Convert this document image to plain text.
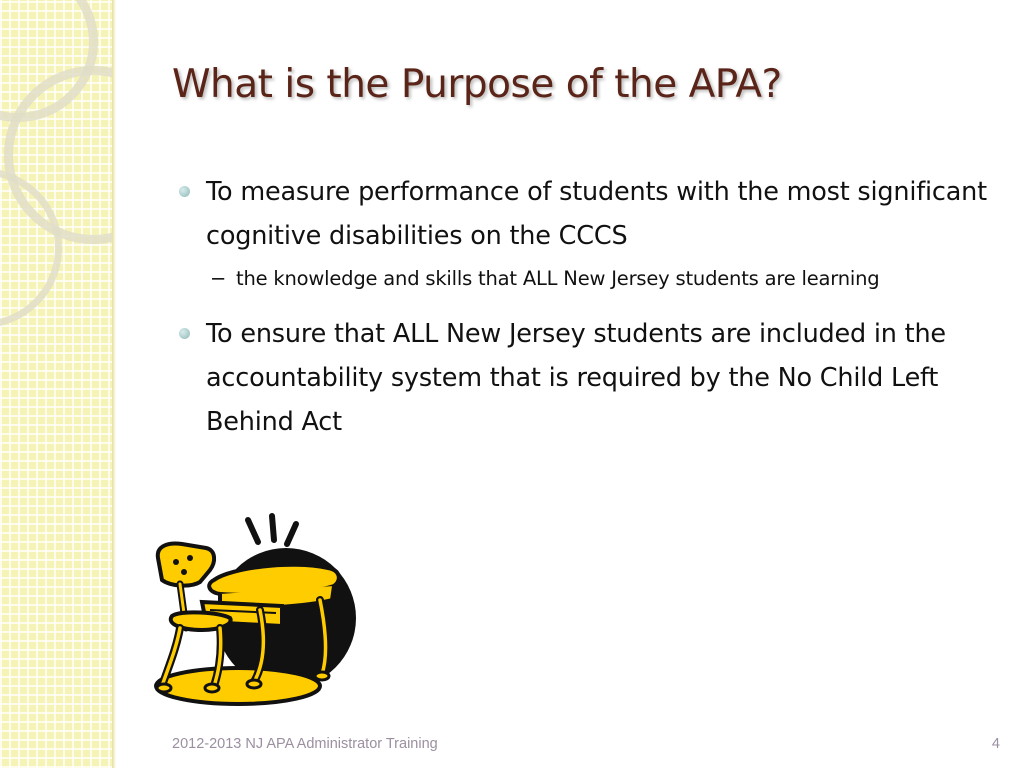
What is the Purpose of the APA?
To measure performance of students with the most significant cognitive disabilities on the CCCS
− the knowledge and skills that ALL New Jersey students are learning
To ensure that ALL New Jersey students are included in the accountability system that is required by the No Child Left Behind Act
2012-2013 NJ APA Administrator Training	4
